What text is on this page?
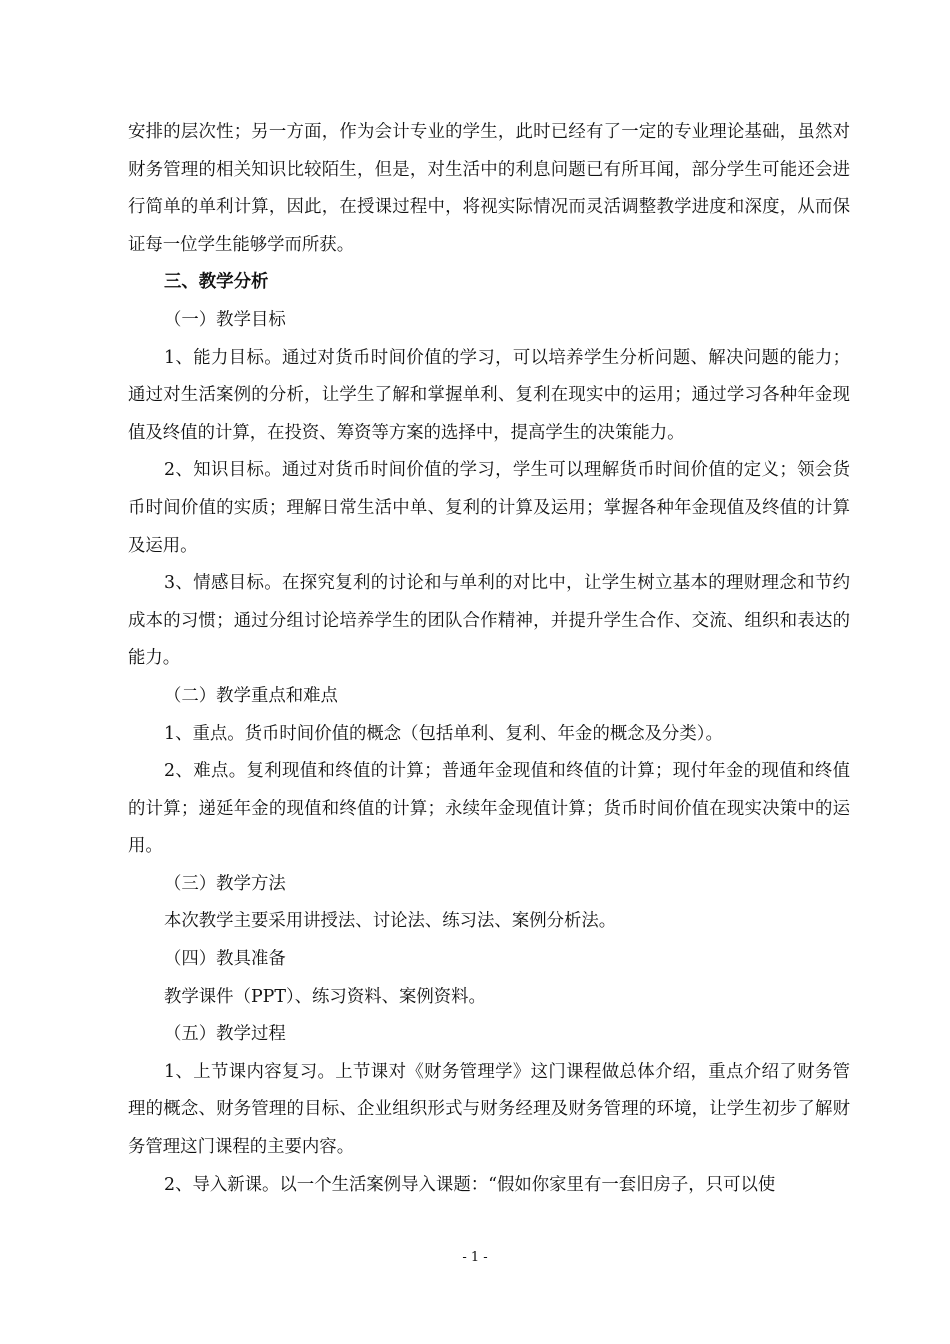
安排的层次性；另一方面，作为会计专业的学生，此时已经有了一定的专业理论基础，虽然对财务管理的相关知识比较陌生，但是，对生活中的利息问题已有所耳闻，部分学生可能还会进行简单的单利计算，因此，在授课过程中，将视实际情况而灵活调整教学进度和深度，从而保证每一位学生能够学而所获。

三、教学分析

（一）教学目标

1、能力目标。通过对货币时间价值的学习，可以培养学生分析问题、解决问题的能力；通过对生活案例的分析，让学生了解和掌握单利、复利在现实中的运用；通过学习各种年金现值及终值的计算，在投资、筹资等方案的选择中，提高学生的决策能力。

2、知识目标。通过对货币时间价值的学习，学生可以理解货币时间价值的定义；领会货币时间价值的实质；理解日常生活中单、复利的计算及运用；掌握各种年金现值及终值的计算及运用。

3、情感目标。在探究复利的讨论和与单利的对比中，让学生树立基本的理财理念和节约成本的习惯；通过分组讨论培养学生的团队合作精神，并提升学生合作、交流、组织和表达的能力。

（二）教学重点和难点

1、重点。货币时间价值的概念（包括单利、复利、年金的概念及分类）。

2、难点。复利现值和终值的计算；普通年金现值和终值的计算；现付年金的现值和终值的计算；递延年金的现值和终值的计算；永续年金现值计算；货币时间价值在现实决策中的运用。

（三）教学方法

本次教学主要采用讲授法、讨论法、练习法、案例分析法。

（四）教具准备

教学课件（PPT）、练习资料、案例资料。

（五）教学过程

1、上节课内容复习。上节课对《财务管理学》这门课程做总体介绍，重点介绍了财务管理的概念、财务管理的目标、企业组织形式与财务经理及财务管理的环境，让学生初步了解财务管理这门课程的主要内容。

2、导入新课。以一个生活案例导入课题：“假如你家里有一套旧房子，只可以使

- 1 -
